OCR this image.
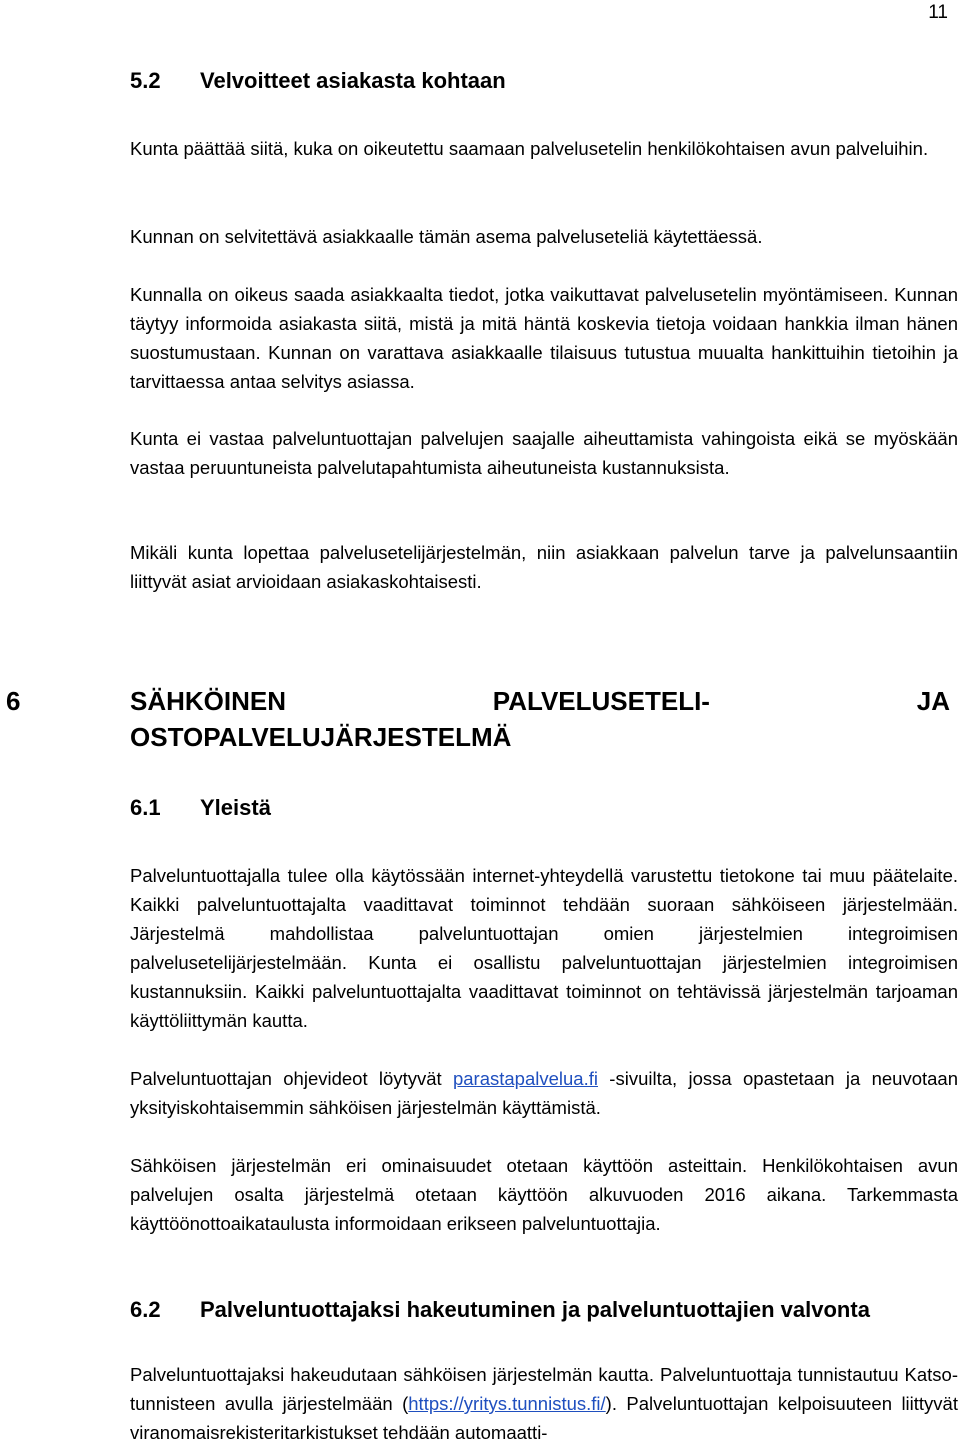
11
5.2 Velvoitteet asiakasta kohtaan

Kunta päättää siitä, kuka on oikeutettu saamaan palvelusetelin henkilökohtaisen avun palveluihin.

Kunnan on selvitettävä asiakkaalle tämän asema palveluseteliä käytettäessä.

Kunnalla on oikeus saada asiakkaalta tiedot, jotka vaikuttavat palvelusetelin myöntämiseen. Kunnan täytyy informoida asiakasta siitä, mistä ja mitä häntä koskevia tietoja voidaan hankkia ilman hänen suostumustaan. Kunnan on varattava asiakkaalle tilaisuus tutustua muualta hankittuihin tietoihin ja tarvittaessa antaa selvitys asiassa.

Kunta ei vastaa palveluntuottajan palvelujen saajalle aiheuttamista vahingoista eikä se myöskään vastaa peruuntuneista palvelutapahtumista aiheutuneista kustannuksista.

Mikäli kunta lopettaa palvelusetelijärjestelmän, niin asiakkaan palvelun tarve ja palvelunsaantiin liittyvät asiat arvioidaan asiakaskohtaisesti.

6	SÄHKÖINEN PALVELUSETELI- JA OSTOPALVELUJÄRJESTELMÄ
6.1 Yleistä

Palveluntuottajalla tulee olla käytössään internet-yhteydellä varustettu tietokone tai muu päätelaite. Kaikki palveluntuottajalta vaadittavat toiminnot tehdään suoraan sähköiseen järjestelmään. Järjestelmä mahdollistaa palveluntuottajan omien järjestelmien integroimisen palvelusetelijärjestelmään. Kunta ei osallistu palveluntuottajan järjestelmien integroimisen kustannuksiin. Kaikki palveluntuottajalta vaadittavat toiminnot on tehtävissä järjestelmän tarjoaman käyttöliittymän kautta.

Palveluntuottajan ohjevideot löytyvät parastapalvelua.fi -sivuilta, jossa opastetaan ja neuvotaan yksityiskohtaisemmin sähköisen järjestelmän käyttämistä.

Sähköisen järjestelmän eri ominaisuudet otetaan käyttöön asteittain. Henkilökohtaisen avun palvelujen osalta järjestelmä otetaan käyttöön alkuvuoden 2016 aikana. Tarkemmasta käyttöönottoaikataulusta informoidaan erikseen palveluntuottajia.

6.2 Palveluntuottajaksi hakeutuminen ja palveluntuottajien valvonta

Palveluntuottajaksi hakeudutaan sähköisen järjestelmän kautta. Palveluntuottaja tunnistautuu Katso-tunnisteen avulla järjestelmään (https://yritys.tunnistus.fi/). Palveluntuottajan kelpoisuuteen liittyvät viranomaisrekisteritarkistukset tehdään automaatti-
